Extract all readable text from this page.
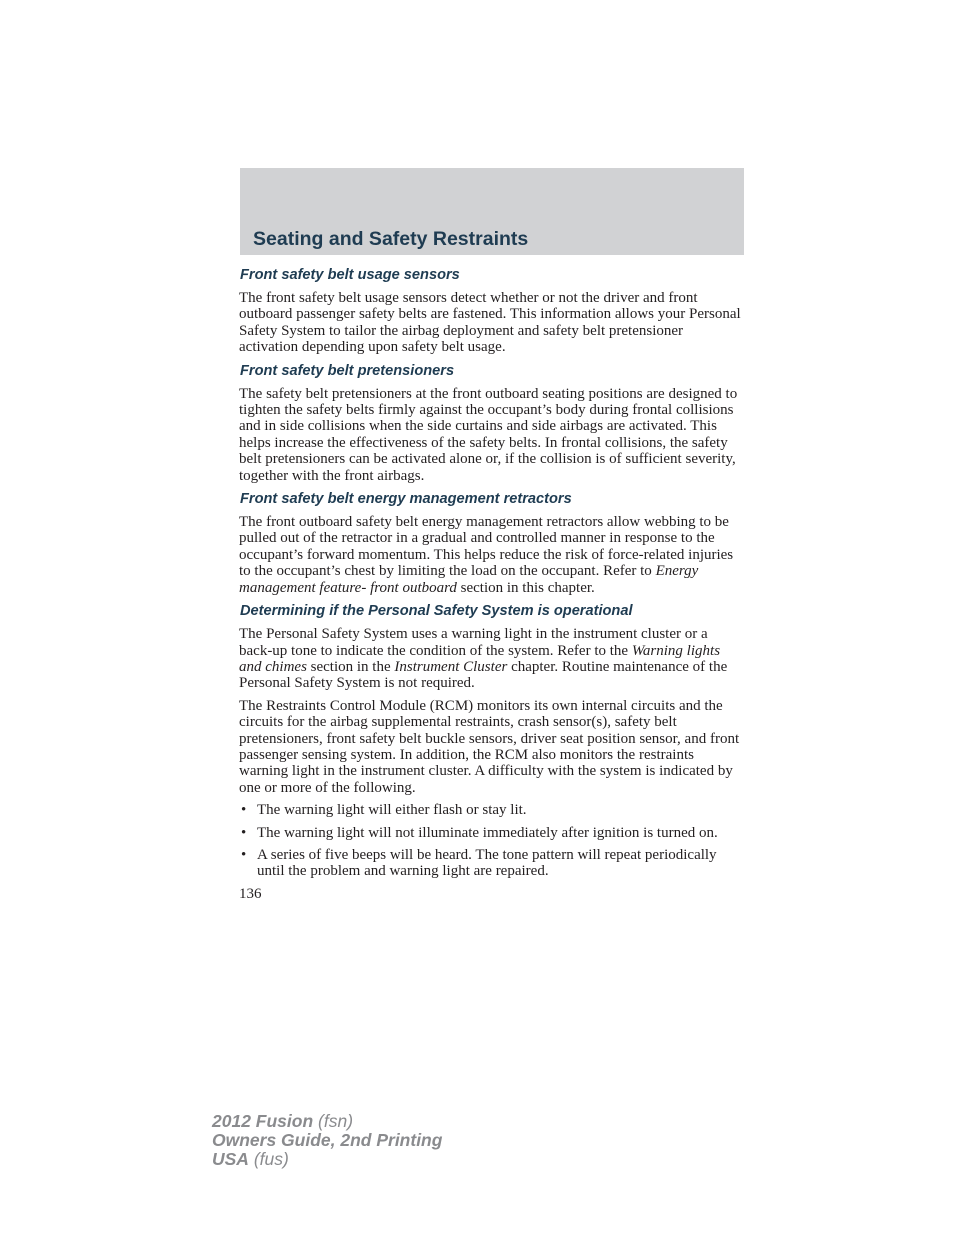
Seating and Safety Restraints
Front safety belt usage sensors

The front safety belt usage sensors detect whether or not the driver and front outboard passenger safety belts are fastened. This information allows your Personal Safety System to tailor the airbag deployment and safety belt pretensioner activation depending upon safety belt usage.

Front safety belt pretensioners

The safety belt pretensioners at the front outboard seating positions are designed to tighten the safety belts firmly against the occupant’s body during frontal collisions and in side collisions when the side curtains and side airbags are activated. This helps increase the effectiveness of the safety belts. In frontal collisions, the safety belt pretensioners can be activated alone or, if the collision is of sufficient severity, together with the front airbags.

Front safety belt energy management retractors

The front outboard safety belt energy management retractors allow webbing to be pulled out of the retractor in a gradual and controlled manner in response to the occupant’s forward momentum. This helps reduce the risk of force-related injuries to the occupant’s chest by limiting the load on the occupant. Refer to Energy management feature- front outboard section in this chapter.

Determining if the Personal Safety System is operational

The Personal Safety System uses a warning light in the instrument cluster or a back-up tone to indicate the condition of the system. Refer to the Warning lights and chimes section in the Instrument Cluster chapter. Routine maintenance of the Personal Safety System is not required.

The Restraints Control Module (RCM) monitors its own internal circuits and the circuits for the airbag supplemental restraints, crash sensor(s), safety belt pretensioners, front safety belt buckle sensors, driver seat position sensor, and front passenger sensing system. In addition, the RCM also monitors the restraints warning light in the instrument cluster. A difficulty with the system is indicated by one or more of the following.

• The warning light will either flash or stay lit.
• The warning light will not illuminate immediately after ignition is turned on.
• A series of five beeps will be heard. The tone pattern will repeat periodically until the problem and warning light are repaired.
136
2012 Fusion (fsn)
Owners Guide, 2nd Printing
USA (fus)
